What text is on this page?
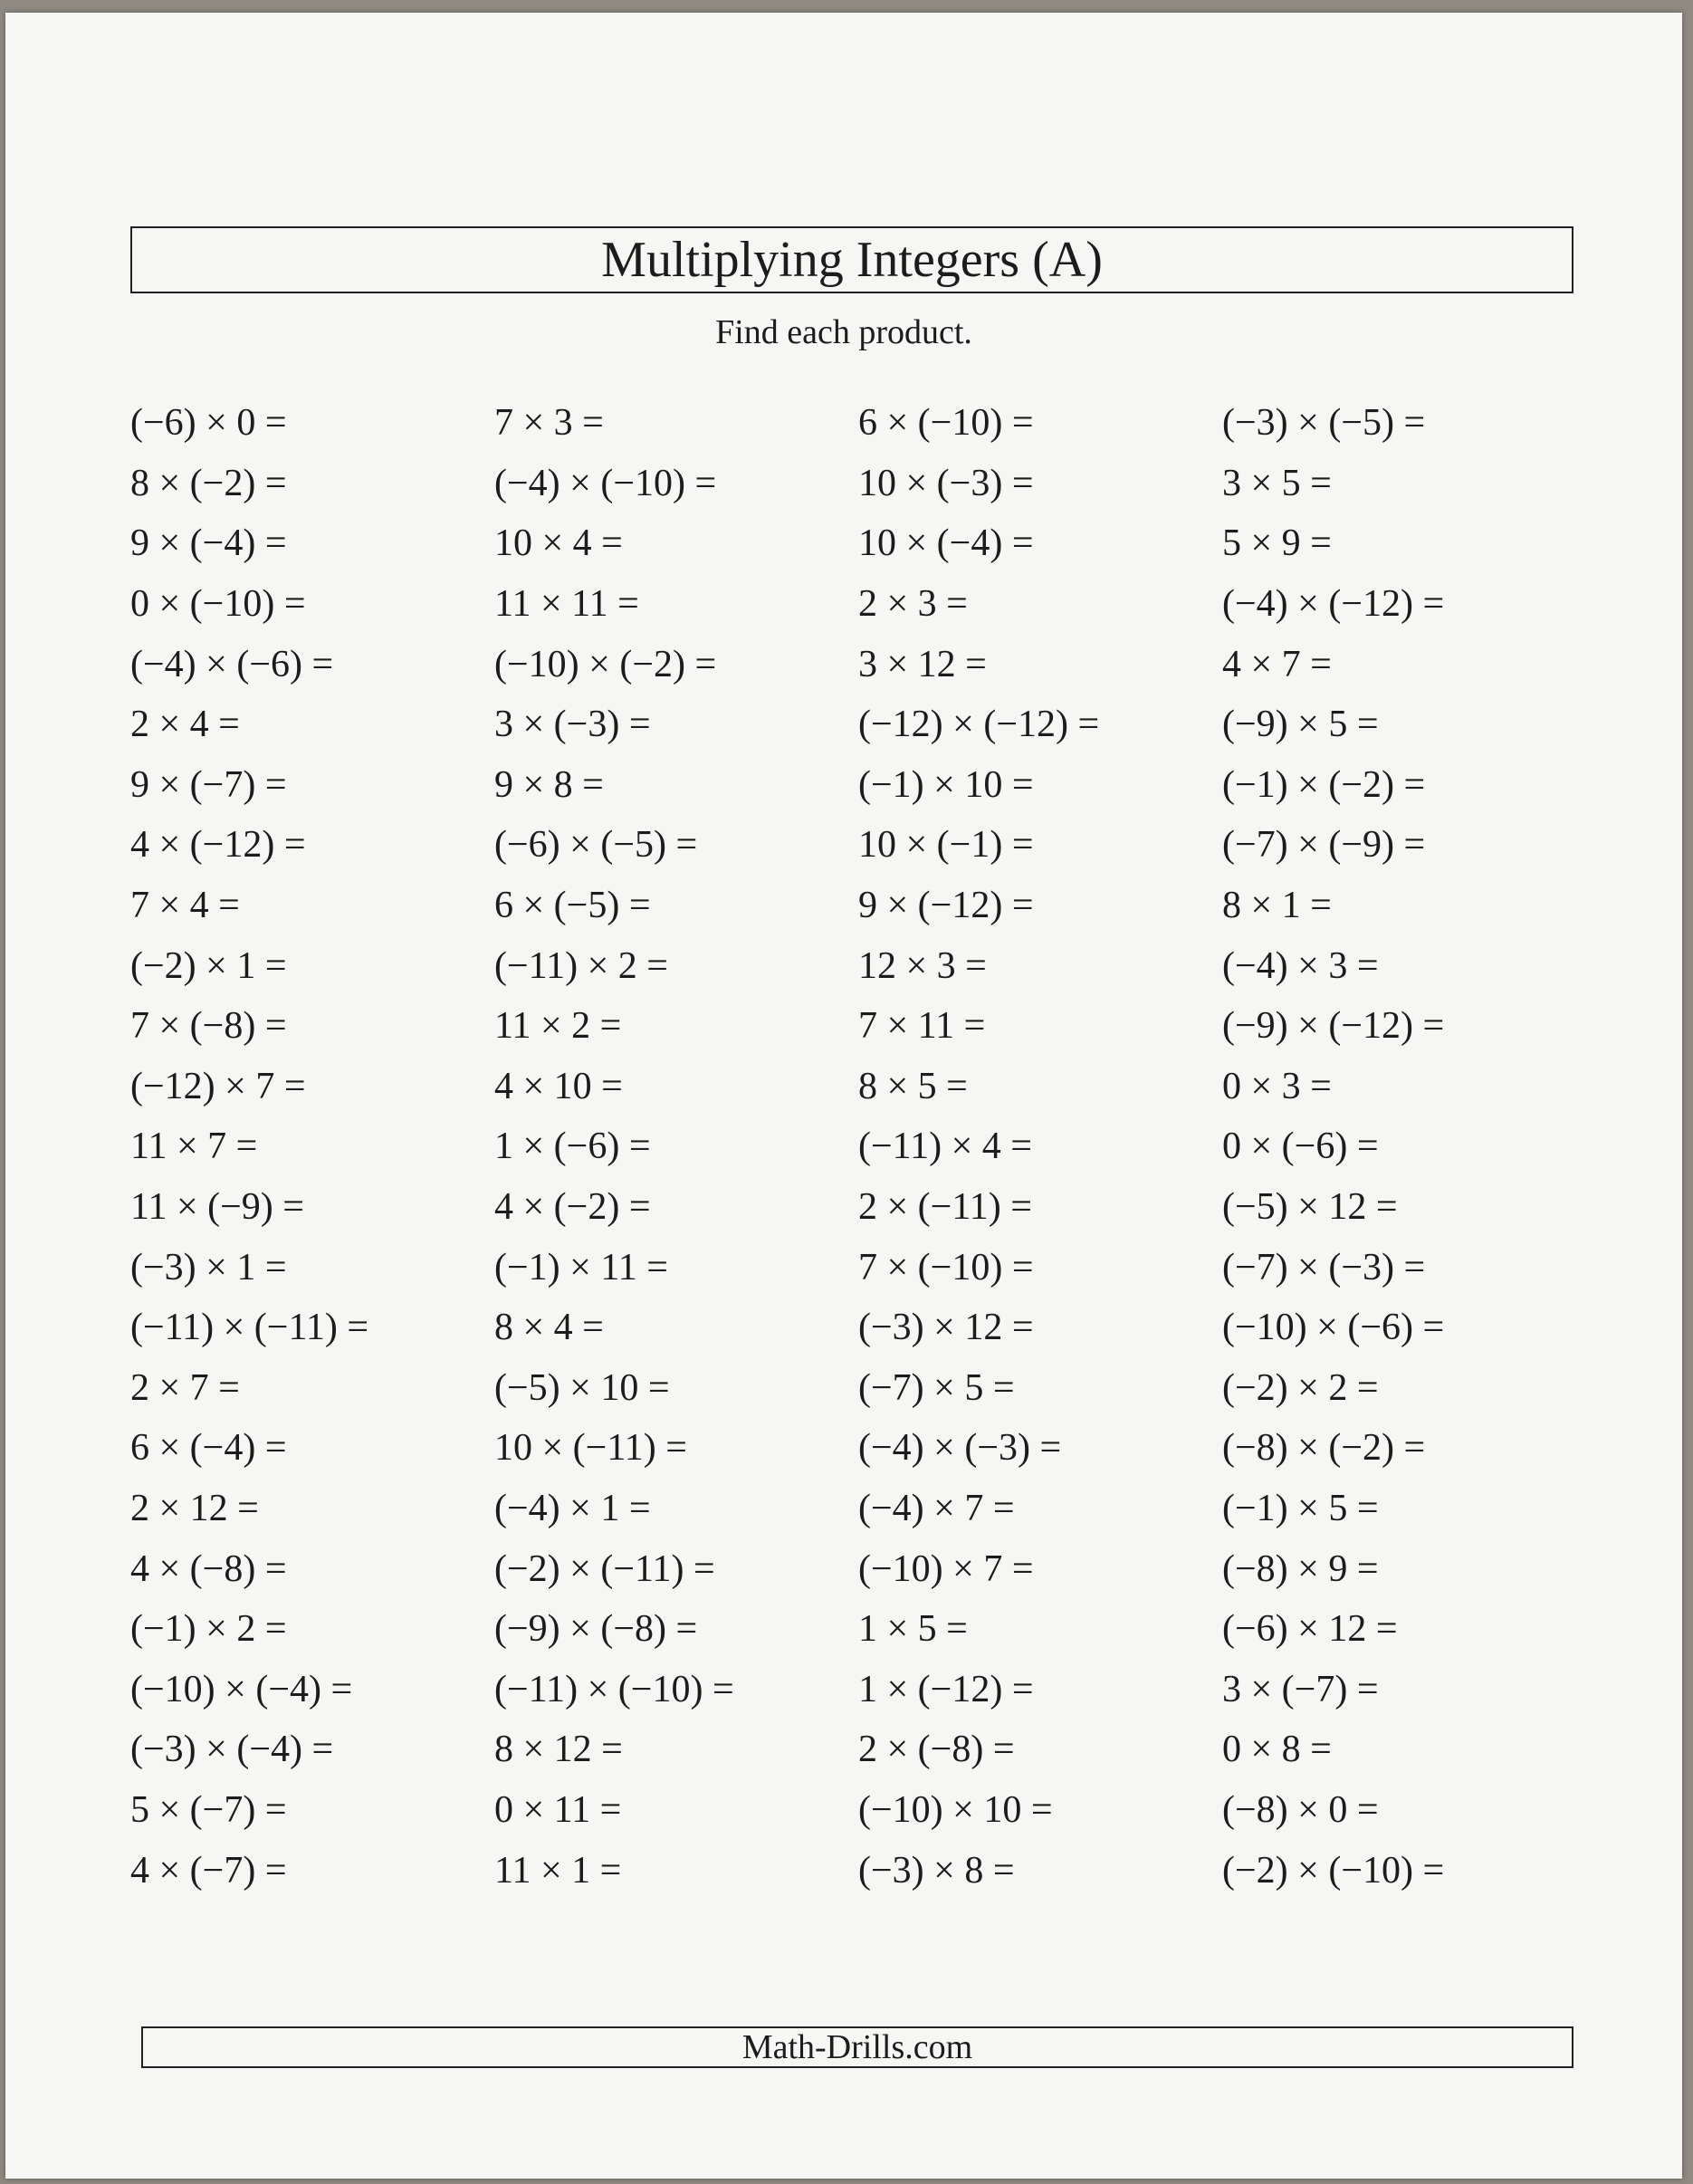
Multiplying Integers (A)
Find each product.
(−6) × 0 =
8 × (−2) =
9 × (−4) =
0 × (−10) =
(−4) × (−6) =
2 × 4 =
9 × (−7) =
4 × (−12) =
7 × 4 =
(−2) × 1 =
7 × (−8) =
(−12) × 7 =
11 × 7 =
11 × (−9) =
(−3) × 1 =
(−11) × (−11) =
2 × 7 =
6 × (−4) =
2 × 12 =
4 × (−8) =
(−1) × 2 =
(−10) × (−4) =
(−3) × (−4) =
5 × (−7) =
4 × (−7) =
7 × 3 =
(−4) × (−10) =
10 × 4 =
11 × 11 =
(−10) × (−2) =
3 × (−3) =
9 × 8 =
(−6) × (−5) =
6 × (−5) =
(−11) × 2 =
11 × 2 =
4 × 10 =
1 × (−6) =
4 × (−2) =
(−1) × 11 =
8 × 4 =
(−5) × 10 =
10 × (−11) =
(−4) × 1 =
(−2) × (−11) =
(−9) × (−8) =
(−11) × (−10) =
8 × 12 =
0 × 11 =
11 × 1 =
6 × (−10) =
10 × (−3) =
10 × (−4) =
2 × 3 =
3 × 12 =
(−12) × (−12) =
(−1) × 10 =
10 × (−1) =
9 × (−12) =
12 × 3 =
7 × 11 =
8 × 5 =
(−11) × 4 =
2 × (−11) =
7 × (−10) =
(−3) × 12 =
(−7) × 5 =
(−4) × (−3) =
(−4) × 7 =
(−10) × 7 =
1 × 5 =
1 × (−12) =
2 × (−8) =
(−10) × 10 =
(−3) × 8 =
(−3) × (−5) =
3 × 5 =
5 × 9 =
(−4) × (−12) =
4 × 7 =
(−9) × 5 =
(−1) × (−2) =
(−7) × (−9) =
8 × 1 =
(−4) × 3 =
(−9) × (−12) =
0 × 3 =
0 × (−6) =
(−5) × 12 =
(−7) × (−3) =
(−10) × (−6) =
(−2) × 2 =
(−8) × (−2) =
(−1) × 5 =
(−8) × 9 =
(−6) × 12 =
3 × (−7) =
0 × 8 =
(−8) × 0 =
(−2) × (−10) =
Math-Drills.com
